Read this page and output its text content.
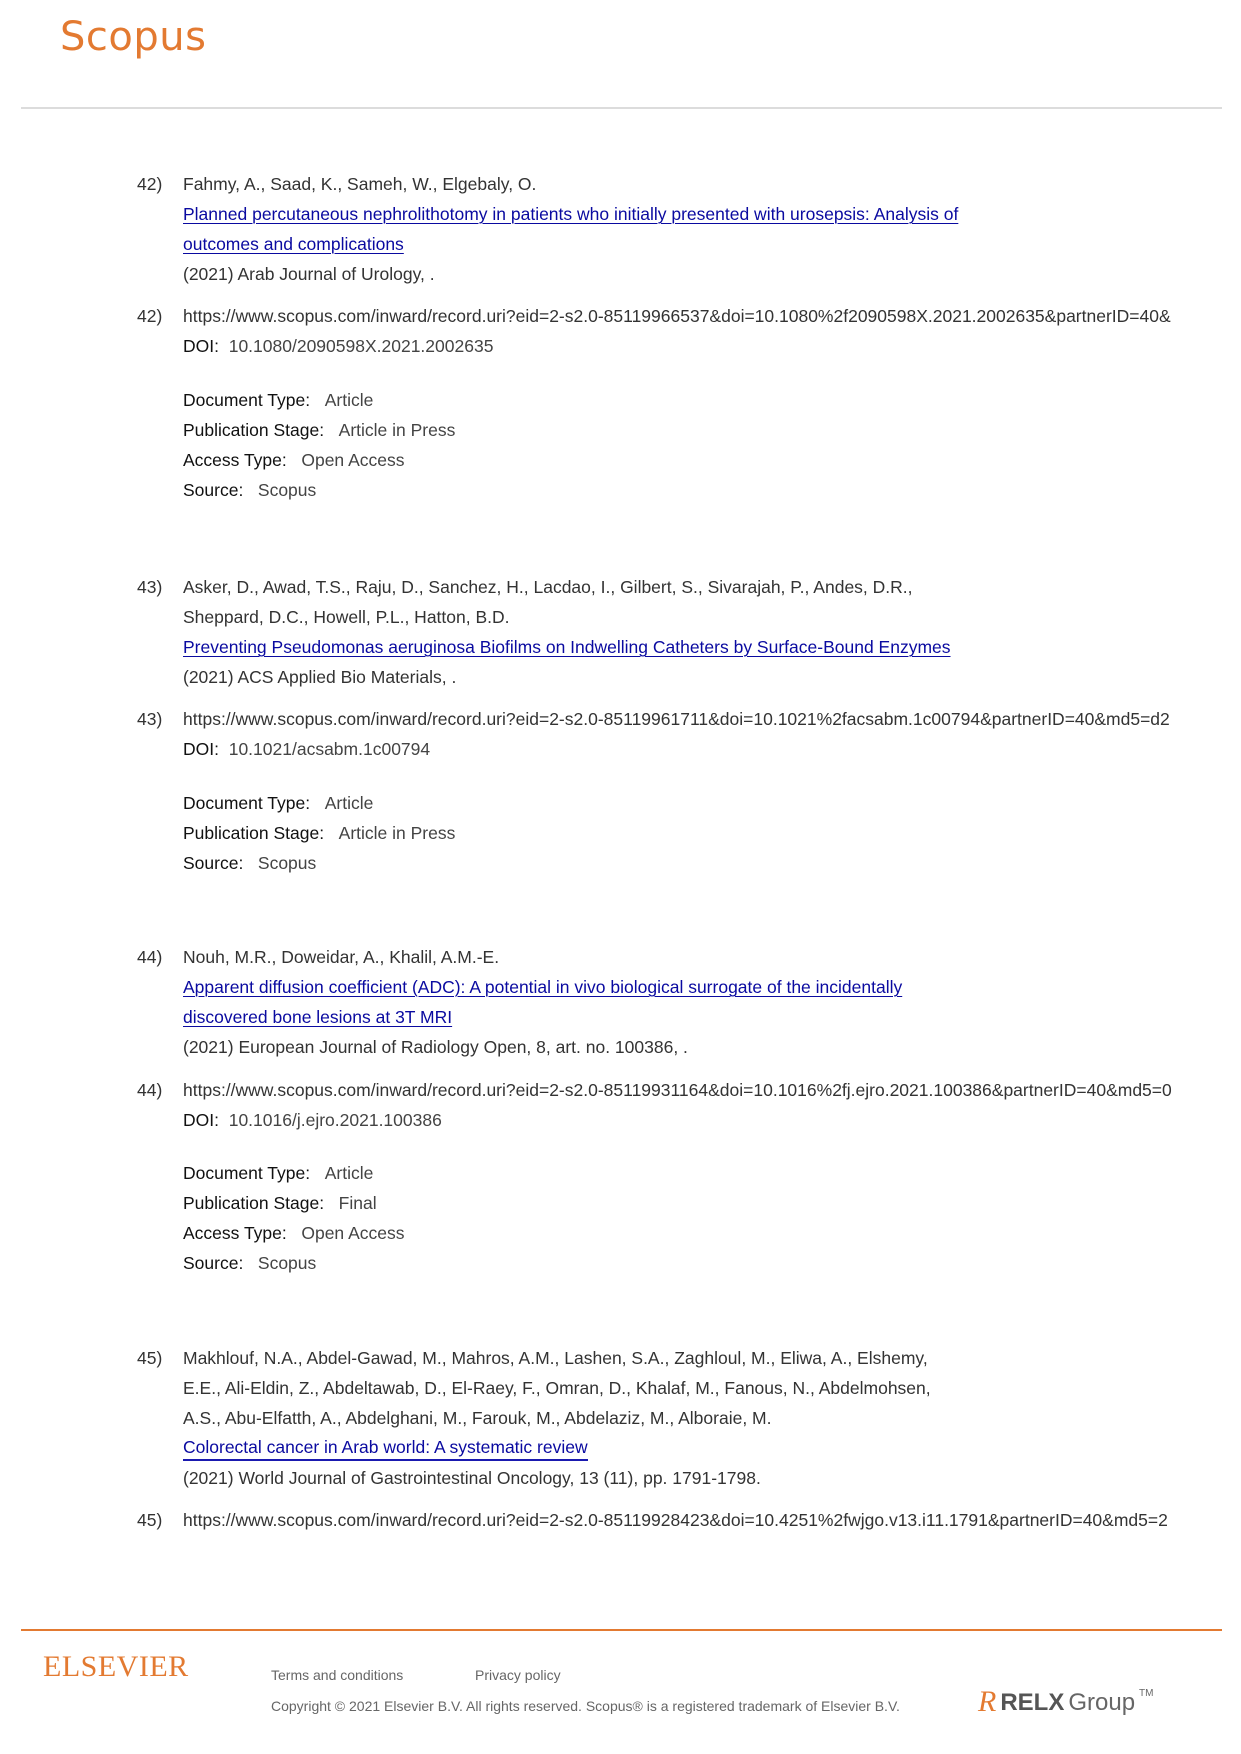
Scopus
42) Fahmy, A., Saad, K., Sameh, W., Elgebaly, O.
Planned percutaneous nephrolithotomy in patients who initially presented with urosepsis: Analysis of
outcomes and complications
(2021) Arab Journal of Urology, .
42) https://www.scopus.com/inward/record.uri?eid=2-s2.0-85119966537&doi=10.1080%2f2090598X.2021.2002635&partnerID=40&
DOI: 10.1080/2090598X.2021.2002635
Document Type: Article
Publication Stage: Article in Press
Access Type: Open Access
Source: Scopus
43) Asker, D., Awad, T.S., Raju, D., Sanchez, H., Lacdao, I., Gilbert, S., Sivarajah, P., Andes, D.R.,
Sheppard, D.C., Howell, P.L., Hatton, B.D.
Preventing Pseudomonas aeruginosa Biofilms on Indwelling Catheters by Surface-Bound Enzymes
(2021) ACS Applied Bio Materials, .
43) https://www.scopus.com/inward/record.uri?eid=2-s2.0-85119961711&doi=10.1021%2facsabm.1c00794&partnerID=40&md5=d2
DOI: 10.1021/acsabm.1c00794
Document Type: Article
Publication Stage: Article in Press
Source: Scopus
44) Nouh, M.R., Doweidar, A., Khalil, A.M.-E.
Apparent diffusion coefficient (ADC): A potential in vivo biological surrogate of the incidentally
discovered bone lesions at 3T MRI
(2021) European Journal of Radiology Open, 8, art. no. 100386, .
44) https://www.scopus.com/inward/record.uri?eid=2-s2.0-85119931164&doi=10.1016%2fj.ejro.2021.100386&partnerID=40&md5=0
DOI: 10.1016/j.ejro.2021.100386
Document Type: Article
Publication Stage: Final
Access Type: Open Access
Source: Scopus
45) Makhlouf, N.A., Abdel-Gawad, M., Mahros, A.M., Lashen, S.A., Zaghloul, M., Eliwa, A., Elshemy,
E.E., Ali-Eldin, Z., Abdeltawab, D., El-Raey, F., Omran, D., Khalaf, M., Fanous, N., Abdelmohsen,
A.S., Abu-Elfatth, A., Abdelghani, M., Farouk, M., Abdelaziz, M., Alboraie, M.
Colorectal cancer in Arab world: A systematic review
(2021) World Journal of Gastrointestinal Oncology, 13 (11), pp. 1791-1798.
45) https://www.scopus.com/inward/record.uri?eid=2-s2.0-85119928423&doi=10.4251%2fwjgo.v13.i11.1791&partnerID=40&md5=2
ELSEVIER	Terms and conditions	Privacy policy
Copyright © 2021 Elsevier B.V. All rights reserved. Scopus® is a registered trademark of Elsevier B.V.	R RELX Group TM
